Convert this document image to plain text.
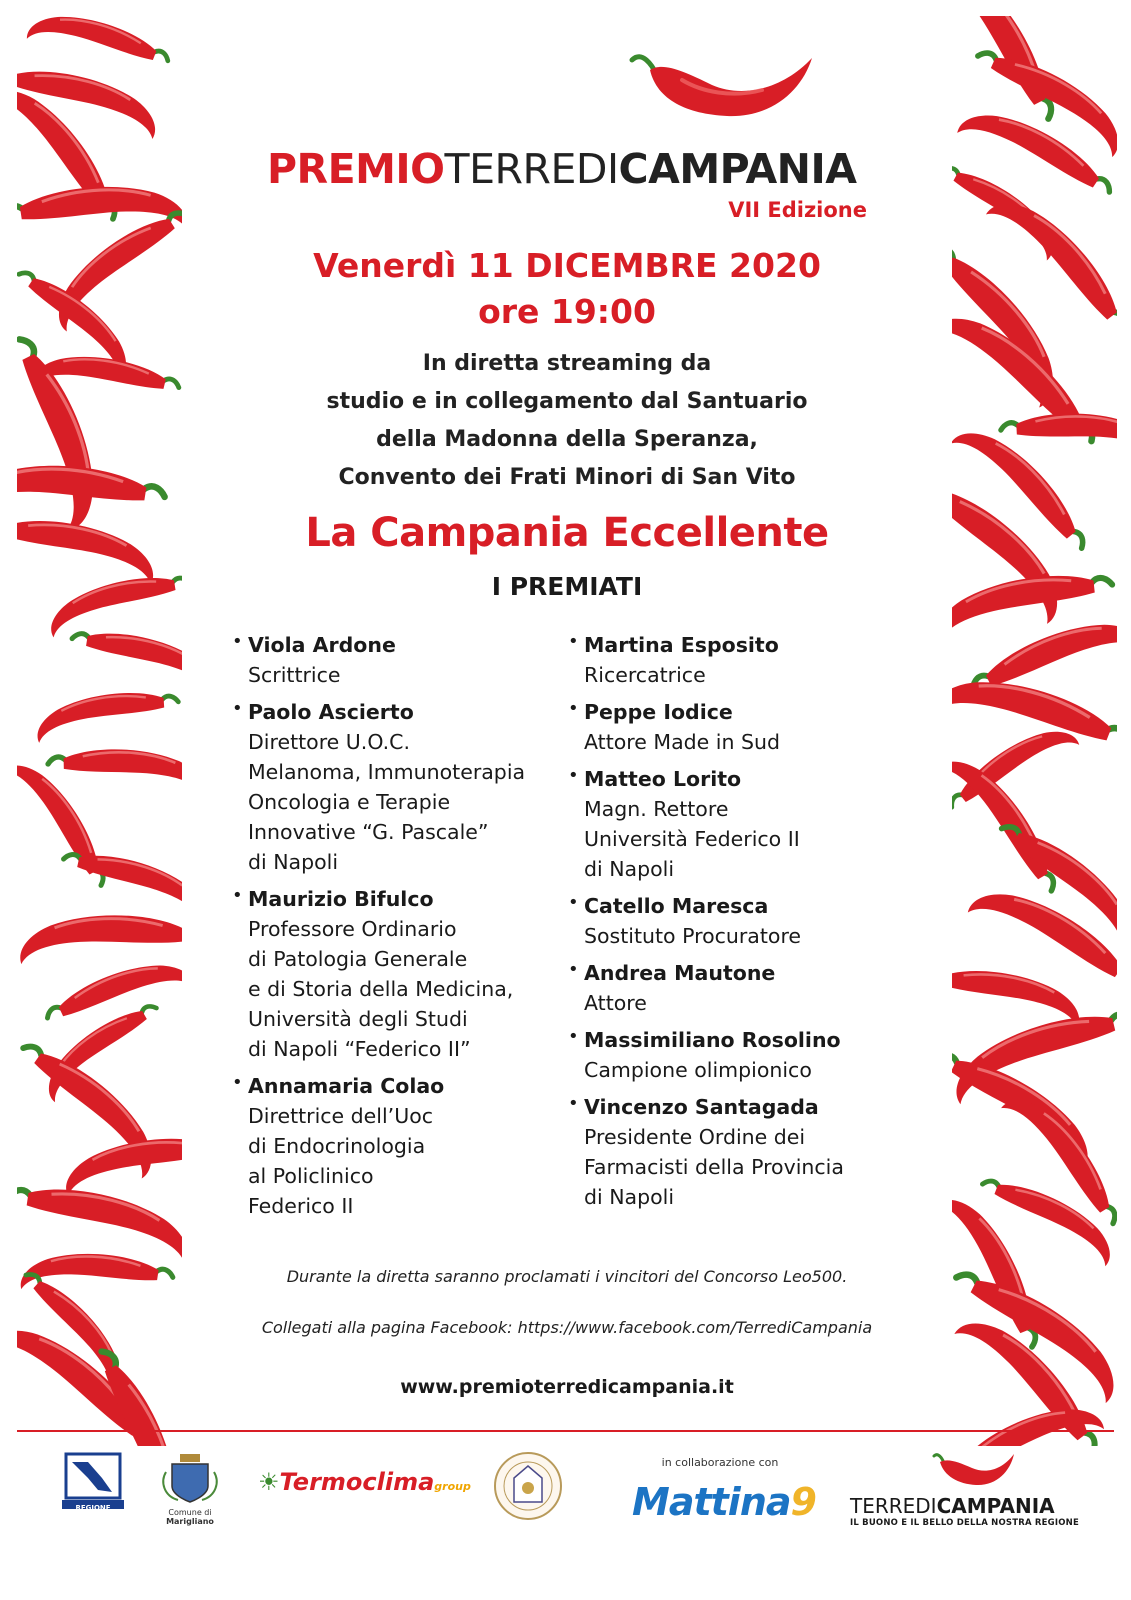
PREMIOTERREDICAMPANIA
VII Edizione
Venerdì 11 DICEMBRE 2020
ore 19:00
In diretta streaming da
studio e in collegamento dal Santuario
della Madonna della Speranza,
Convento dei Frati Minori di San Vito
La Campania Eccellente
I PREMIATI
• Viola Ardone
Scrittrice
• Paolo Ascierto
Direttore U.O.C.
Melanoma, Immunoterapia
Oncologia e Terapie
Innovative “G. Pascale”
di Napoli
• Maurizio Bifulco
Professore Ordinario
di Patologia Generale
e di Storia della Medicina,
Università degli Studi
di Napoli “Federico II”
• Annamaria Colao
Direttrice dell’Uoc
di Endocrinologia
al Policlinico
Federico II
• Martina Esposito
Ricercatrice
• Peppe Iodice
Attore Made in Sud
• Matteo Lorito
Magn. Rettore
Università Federico II
di Napoli
• Catello Maresca
Sostituto Procuratore
• Andrea Mautone
Attore
• Massimiliano Rosolino
Campione olimpionico
• Vincenzo Santagada
Presidente Ordine dei
Farmacisti della Provincia
di Napoli
Durante la diretta saranno proclamati i vincitori del Concorso Leo500.
Collegati alla pagina Facebook: https://www.facebook.com/TerrediCampania
www.premioterredicampania.it
REGIONE CAMPANIA	Comune di
Marigliano
☀Termoclimagroup
in collaborazione con
Mattina9 TERREDICAMPANIA
IL BUONO E IL BELLO DELLA NOSTRA REGIONE
